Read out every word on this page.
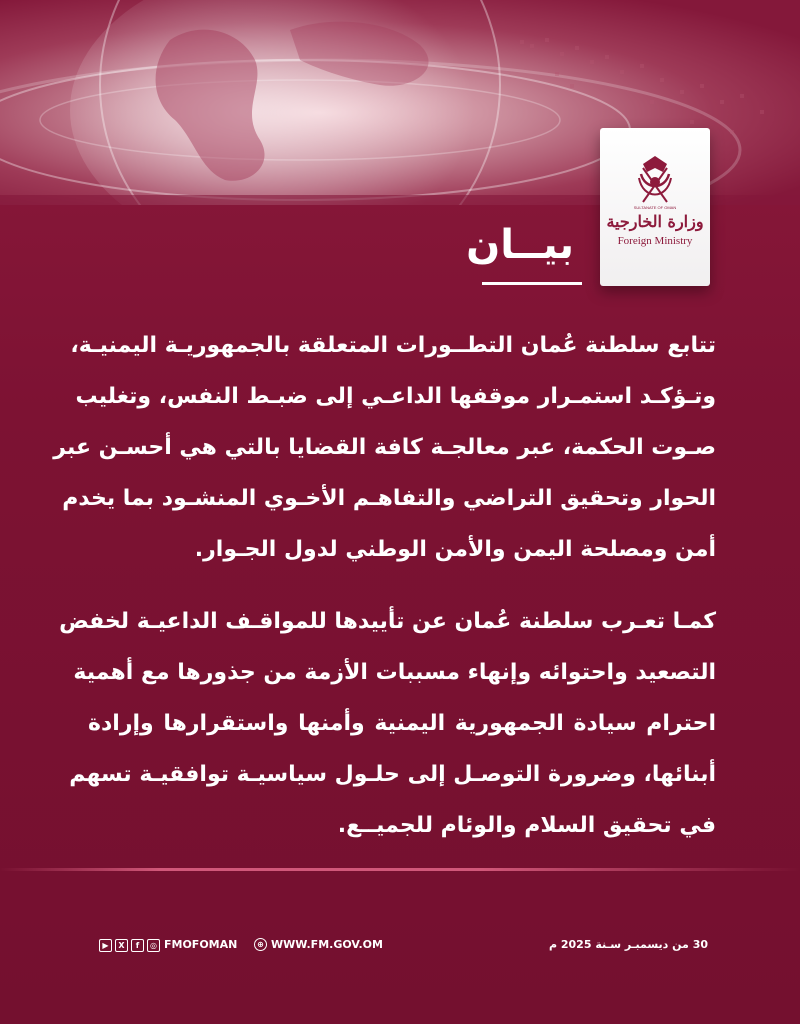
SULTANATE OF OMAN
وزارة الخارجية
Foreign Ministry
بيــان
تتابع سلطنة عُمان التطــورات المتعلقة بالجمهوريـة اليمنيـة،
وتـؤكـد استمـرار موقفها الداعـي إلى ضبـط النفس، وتغليب
صـوت الحكمة، عبر معالجـة كافة القضايا بالتي هي أحسـن عبر
الحوار وتحقيق التراضي والتفاهـم الأخـوي المنشـود بما يخدم
أمن ومصلحة اليمن والأمن الوطني لدول الجـوار.
كمـا تعـرب سلطنة عُمان عن تأييدها للمواقـف الداعيـة لخفض
التصعيد واحتوائه وإنهاء مسببات الأزمة من جذورها مع أهمية
احترام سيادة الجمهورية اليمنية وأمنها واستقرارها وإرادة
أبنائها، وضرورة التوصـل إلى حلـول سياسيـة توافقيـة تسهم
في تحقيق السلام والوئام للجميــع.
▶	X	f	◎ FMOFOMAN	⊕ WWW.FM.GOV.OM	30 من ديسمبـر سـنة 2025 م
